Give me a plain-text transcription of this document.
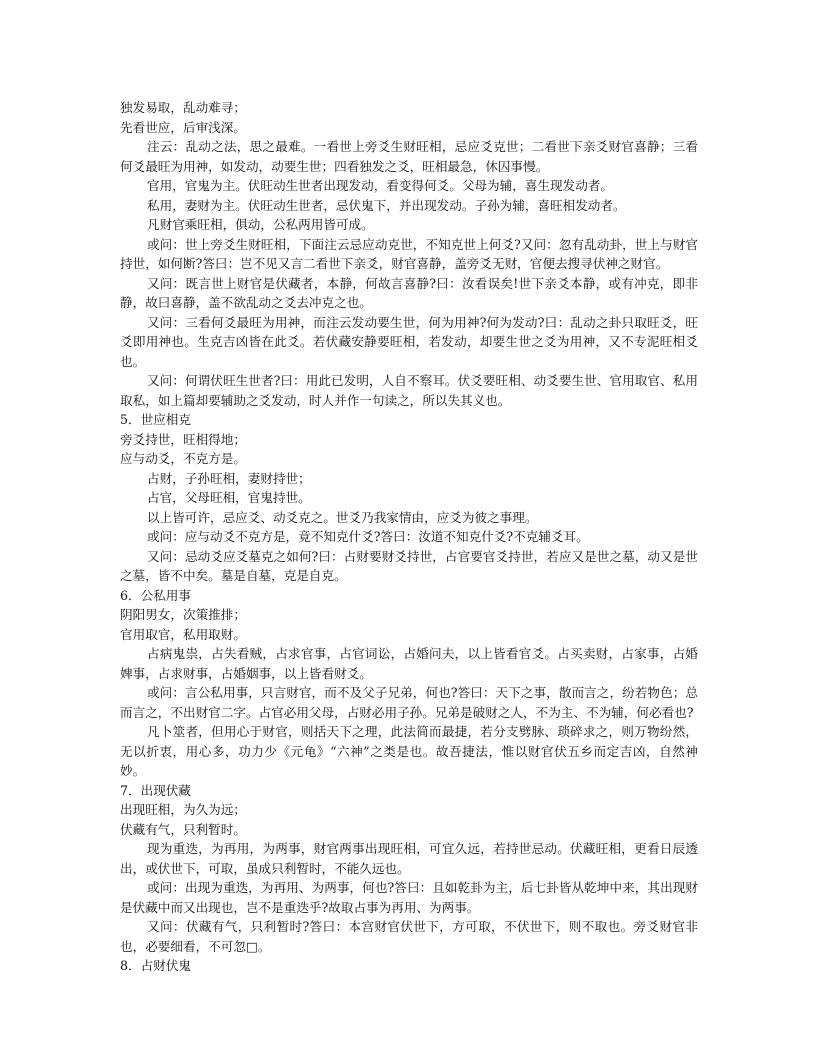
独发易取，乱动难寻；

先看世应，后审浅深。

注云：乱动之法，思之最难。一看世上旁爻生财旺相，忌应爻克世；二看世下亲爻财官喜静；三看何爻最旺为用神，如发动，动要生世；四看独发之爻，旺相最急，休囚事慢。

官用，官鬼为主。伏旺动生世者出现发动，看变得何爻。父母为辅，喜生现发动者。

私用，妻财为主。伏旺动生世者，忌伏鬼下，并出现发动。子孙为辅，喜旺相发动者。

凡财官乘旺相，俱动，公私两用皆可成。

或问：世上旁爻生财旺相，下面注云忌应动克世，不知克世上何爻?又问：忽有乱动卦，世上与财官持世，如何断?答曰：岂不见又言二看世下亲爻，财官喜静，盖旁爻无财，官便去搜寻伏神之财官。

又问：既言世上财官是伏藏者，本静，何故言喜静?曰：汝看误矣!世下亲爻本静，或有冲克，即非静，故曰喜静，盖不欲乱动之爻去冲克之也。

又问：三看何爻最旺为用神，而注云发动要生世，何为用神?何为发动?曰：乱动之卦只取旺爻，旺爻即用神也。生克吉凶皆在此爻。若伏藏安静要旺相，若发动，却要生世之爻为用神，又不专泥旺相爻也。

又问：何谓伏旺生世者?曰：用此已发明，人自不察耳。伏爻要旺相、动爻要生世、官用取官、私用取私，如上篇却要辅助之爻发动，时人并作一句读之，所以失其义也。

5．世应相克

旁爻持世，旺相得地；

应与动爻，不克方是。

占财，子孙旺相，妻财持世；

占官，父母旺相，官鬼持世。

以上皆可许，忌应爻、动爻克之。世爻乃我家情由，应爻为彼之事理。

或问：应与动爻不克方是，竟不知克什爻?答曰：汝道不知克什爻?不克辅爻耳。

又问：忌动爻应爻墓克之如何?曰：占财要财爻持世，占官要官爻持世，若应又是世之墓，动又是世之墓，皆不中矣。墓是自墓，克是自克。

6．公私用事

阴阳男女，次策推排；

官用取官，私用取财。

占病鬼祟，占失看贼，占求官事，占官词讼，占婚问夫，以上皆看官爻。占买卖财，占家事，占婚婢事，占求财事，占婚姻事，以上皆看财爻。

或问：言公私用事，只言财官，而不及父子兄弟，何也?答曰：天下之事，散而言之，纷若物色；总而言之，不出财官二字。占官必用父母，占财必用子孙。兄弟是破财之人，不为主、不为辅，何必看也?

凡卜筮者，但用心于财官，则括天下之理，此法简而最捷，若分支劈脉、琐碎求之，则万物纷然，无以折衷，用心多，功力少《元龟》“六神”之类是也。故吾捷法，惟以财官伏五乡而定吉凶，自然神妙。

7．出现伏藏

出现旺相，为久为远；

伏藏有气，只利暂时。

现为重迭，为再用，为两事，财官两事出现旺相，可宜久远，若持世忌动。伏藏旺相，更看日辰透出，或伏世下，可取，虽成只利暂时，不能久远也。

或问：出现为重迭，为再用、为两事，何也?答曰：且如乾卦为主，后七卦皆从乾坤中来，其出现财是伏藏中而又出现也，岂不是重迭乎?故取占事为再用、为两事。

又问：伏藏有气，只利暂时?答曰：本宫财官伏世下，方可取，不伏世下，则不取也。旁爻财官非也，必要细看，不可忽□。

8．占财伏鬼
